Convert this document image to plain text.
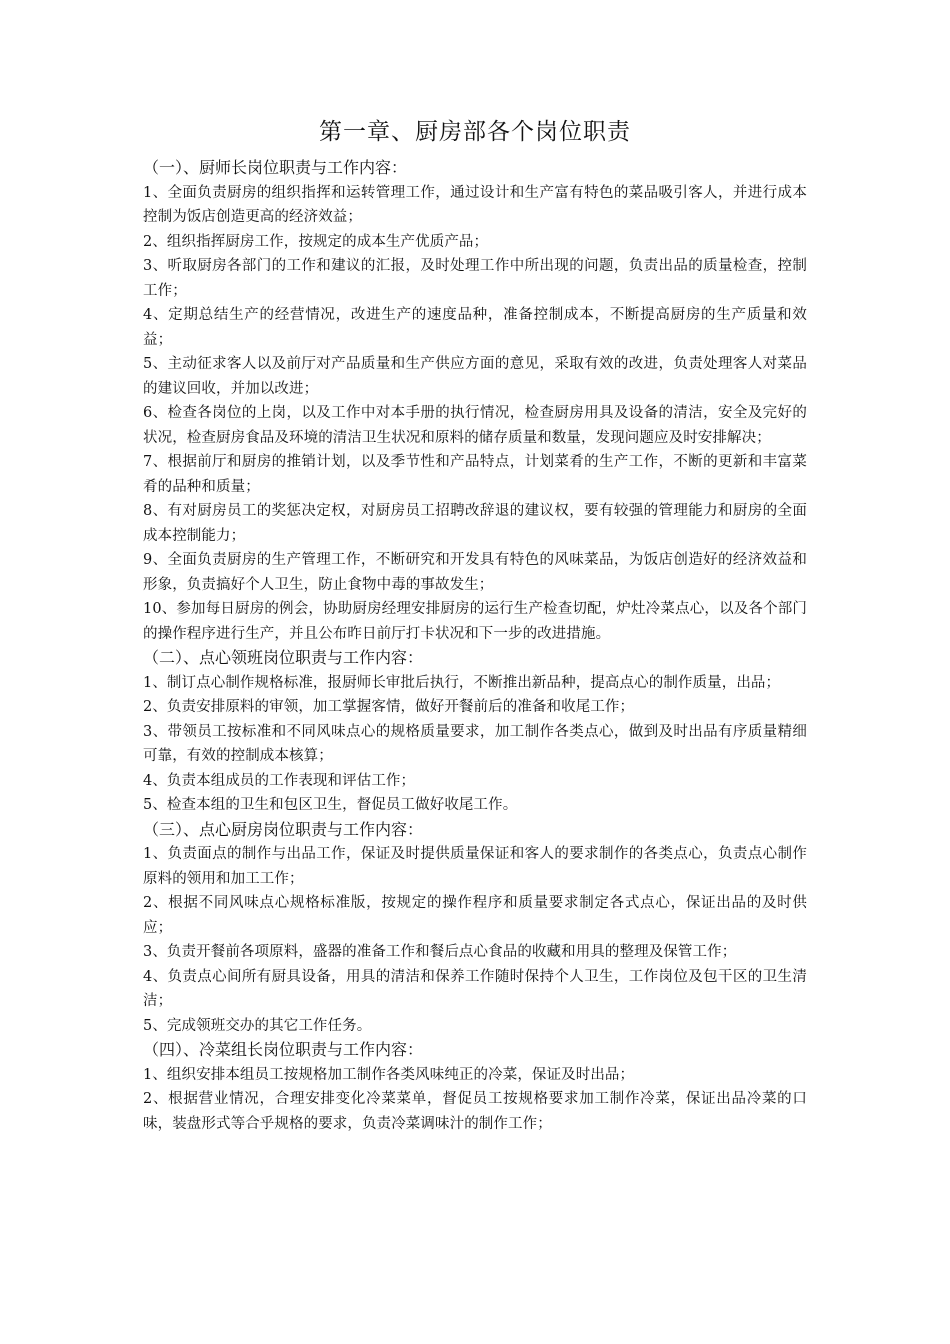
第一章、厨房部各个岗位职责

（一）、厨师长岗位职责与工作内容：

1、全面负责厨房的组织指挥和运转管理工作，通过设计和生产富有特色的菜品吸引客人，并进行成本控制为饭店创造更高的经济效益；

2、组织指挥厨房工作，按规定的成本生产优质产品；

3、听取厨房各部门的工作和建议的汇报，及时处理工作中所出现的问题，负责出品的质量检查，控制工作；

4、定期总结生产的经营情况，改进生产的速度品种，准备控制成本，不断提高厨房的生产质量和效益；

5、主动征求客人以及前厅对产品质量和生产供应方面的意见，采取有效的改进，负责处理客人对菜品的建议回收，并加以改进；

6、检查各岗位的上岗，以及工作中对本手册的执行情况，检查厨房用具及设备的清洁，安全及完好的状况，检查厨房食品及环境的清洁卫生状况和原料的储存质量和数量，发现问题应及时安排解决；

7、根据前厅和厨房的推销计划，以及季节性和产品特点，计划菜肴的生产工作，不断的更新和丰富菜肴的品种和质量；

8、有对厨房员工的奖惩决定权，对厨房员工招聘改辞退的建议权，要有较强的管理能力和厨房的全面成本控制能力；

9、全面负责厨房的生产管理工作，不断研究和开发具有特色的风味菜品，为饭店创造好的经济效益和形象，负责搞好个人卫生，防止食物中毒的事故发生；

10、参加每日厨房的例会，协助厨房经理安排厨房的运行生产检查切配，炉灶冷菜点心，以及各个部门的操作程序进行生产，并且公布昨日前厅打卡状况和下一步的改进措施。

（二）、点心领班岗位职责与工作内容：

1、制订点心制作规格标准，报厨师长审批后执行，不断推出新品种，提高点心的制作质量，出品；

2、负责安排原料的审领，加工掌握客情，做好开餐前后的准备和收尾工作；

3、带领员工按标准和不同风味点心的规格质量要求，加工制作各类点心，做到及时出品有序质量精细可靠，有效的控制成本核算；

4、负责本组成员的工作表现和评估工作；

5、检查本组的卫生和包区卫生，督促员工做好收尾工作。

（三）、点心厨房岗位职责与工作内容：

1、负责面点的制作与出品工作，保证及时提供质量保证和客人的要求制作的各类点心，负责点心制作原料的领用和加工工作；

2、根据不同风味点心规格标准版，按规定的操作程序和质量要求制定各式点心，保证出品的及时供应；

3、负责开餐前各项原料，盛器的准备工作和餐后点心食品的收藏和用具的整理及保管工作；

4、负责点心间所有厨具设备，用具的清洁和保养工作随时保持个人卫生，工作岗位及包干区的卫生清洁；

5、完成领班交办的其它工作任务。

（四）、冷菜组长岗位职责与工作内容：

1、组织安排本组员工按规格加工制作各类风味纯正的冷菜，保证及时出品；

2、根据营业情况，合理安排变化冷菜菜单，督促员工按规格要求加工制作冷菜，保证出品冷菜的口味，装盘形式等合乎规格的要求，负责冷菜调味汁的制作工作；
